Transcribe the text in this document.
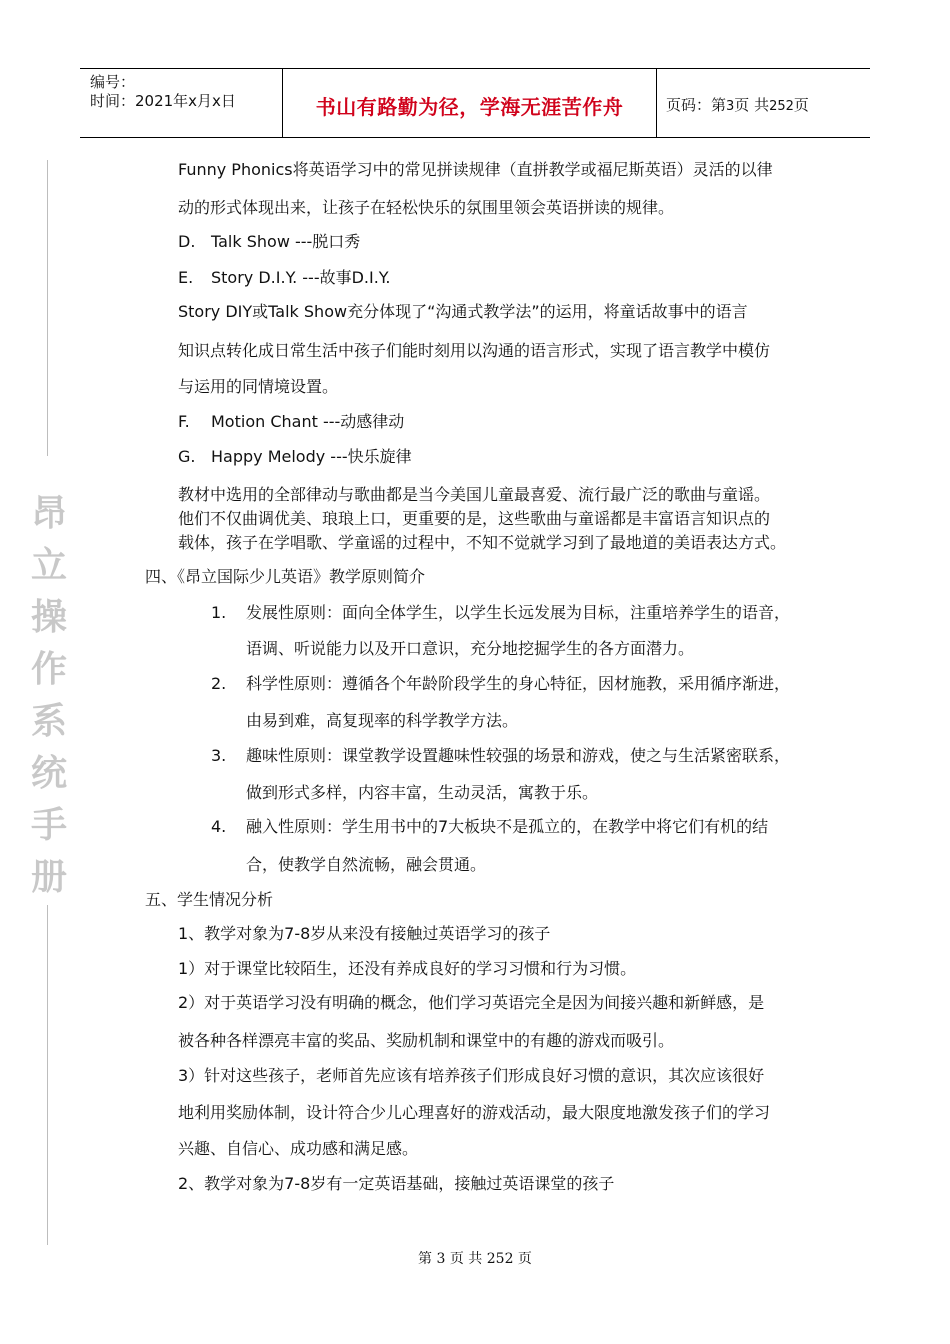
编号：
时间：2021年x月x日	书山有路勤为径，学海无涯苦作舟	页码：第3页 共252页
昂
立
操
作
系
统
手
册
Funny Phonics将英语学习中的常见拼读规律（直拼教学或福尼斯英语）灵活的以律
动的形式体现出来，让孩子在轻松快乐的氛围里领会英语拼读的规律。
D. Talk Show ---脱口秀
E. Story D.I.Y. ---故事D.I.Y.
Story DIY或Talk Show充分体现了“沟通式教学法”的运用，将童话故事中的语言
知识点转化成日常生活中孩子们能时刻用以沟通的语言形式，实现了语言教学中模仿
与运用的同情境设置。
F. Motion Chant ---动感律动
G. Happy Melody ---快乐旋律
教材中选用的全部律动与歌曲都是当今美国儿童最喜爱、流行最广泛的歌曲与童谣。
他们不仅曲调优美、琅琅上口，更重要的是，这些歌曲与童谣都是丰富语言知识点的
载体，孩子在学唱歌、学童谣的过程中，不知不觉就学习到了最地道的美语表达方式。
四、《昂立国际少儿英语》教学原则简介
1. 发展性原则：面向全体学生，以学生长远发展为目标，注重培养学生的语音，
语调、听说能力以及开口意识，充分地挖掘学生的各方面潜力。
2. 科学性原则：遵循各个年龄阶段学生的身心特征，因材施教，采用循序渐进，
由易到难，高复现率的科学教学方法。
3. 趣味性原则：课堂教学设置趣味性较强的场景和游戏，使之与生活紧密联系，
做到形式多样，内容丰富，生动灵活，寓教于乐。
4. 融入性原则：学生用书中的7大板块不是孤立的，在教学中将它们有机的结
合，使教学自然流畅，融会贯通。
五、学生情况分析
1、教学对象为7-8岁从来没有接触过英语学习的孩子
1）对于课堂比较陌生，还没有养成良好的学习习惯和行为习惯。
2）对于英语学习没有明确的概念，他们学习英语完全是因为间接兴趣和新鲜感，是
被各种各样漂亮丰富的奖品、奖励机制和课堂中的有趣的游戏而吸引。
3）针对这些孩子，老师首先应该有培养孩子们形成良好习惯的意识，其次应该很好
地利用奖励体制，设计符合少儿心理喜好的游戏活动，最大限度地激发孩子们的学习
兴趣、自信心、成功感和满足感。
2、教学对象为7-8岁有一定英语基础，接触过英语课堂的孩子
第 3 页 共 252 页
